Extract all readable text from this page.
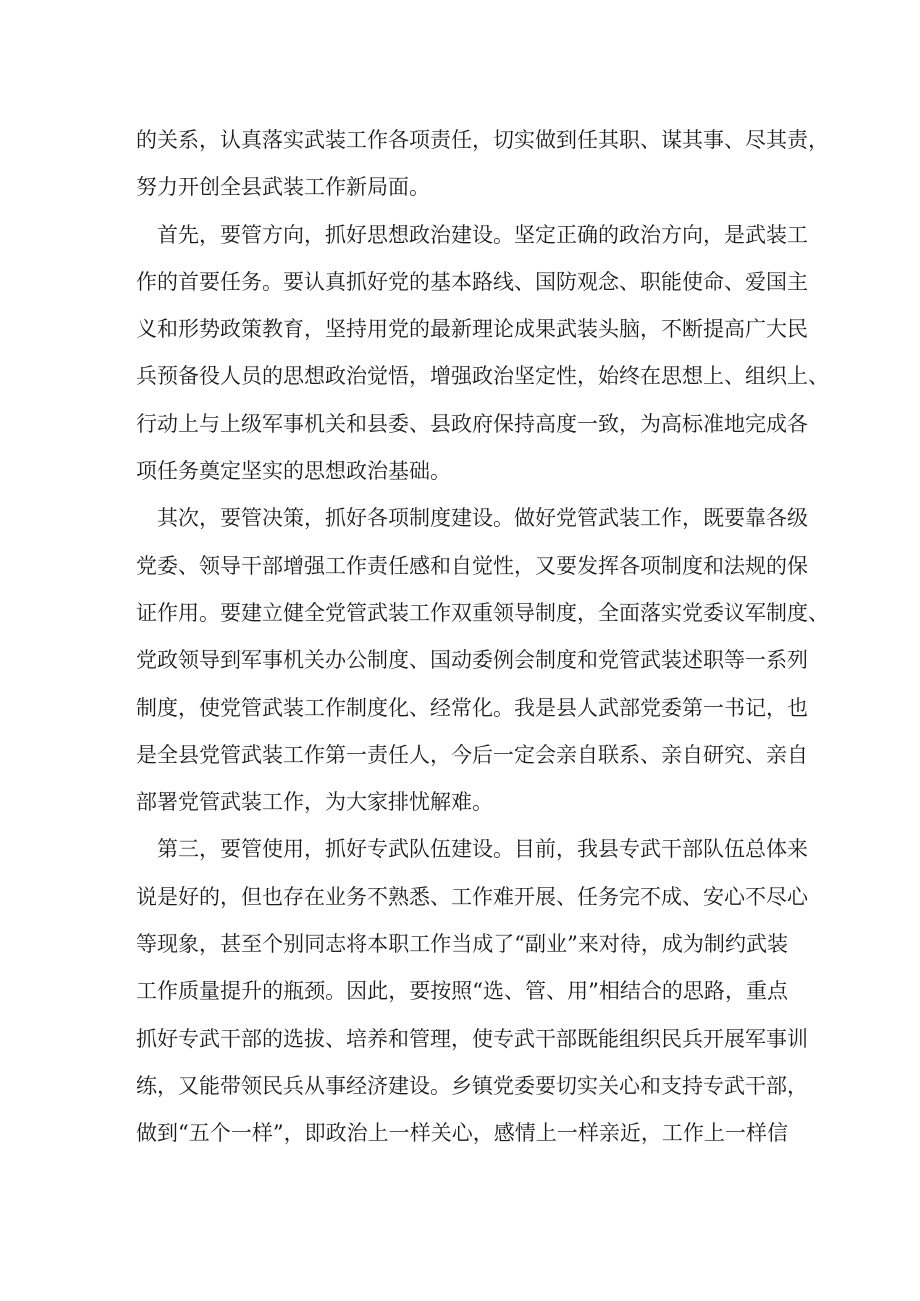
的关系，认真落实武装工作各项责任，切实做到任其职、谋其事、尽其责，
努力开创全县武装工作新局面。
首先，要管方向，抓好思想政治建设。坚定正确的政治方向，是武装工
作的首要任务。要认真抓好党的基本路线、国防观念、职能使命、爱国主
义和形势政策教育，坚持用党的最新理论成果武装头脑，不断提高广大民
兵预备役人员的思想政治觉悟，增强政治坚定性，始终在思想上、组织上、
行动上与上级军事机关和县委、县政府保持高度一致，为高标准地完成各
项任务奠定坚实的思想政治基础。
其次，要管决策，抓好各项制度建设。做好党管武装工作，既要靠各级
党委、领导干部增强工作责任感和自觉性，又要发挥各项制度和法规的保
证作用。要建立健全党管武装工作双重领导制度，全面落实党委议军制度、
党政领导到军事机关办公制度、国动委例会制度和党管武装述职等一系列
制度，使党管武装工作制度化、经常化。我是县人武部党委第一书记，也
是全县党管武装工作第一责任人，今后一定会亲自联系、亲自研究、亲自
部署党管武装工作，为大家排忧解难。
第三，要管使用，抓好专武队伍建设。目前，我县专武干部队伍总体来
说是好的，但也存在业务不熟悉、工作难开展、任务完不成、安心不尽心
等现象，甚至个别同志将本职工作当成了“副业”来对待，成为制约武装
工作质量提升的瓶颈。因此，要按照“选、管、用”相结合的思路，重点
抓好专武干部的选拔、培养和管理，使专武干部既能组织民兵开展军事训
练，又能带领民兵从事经济建设。乡镇党委要切实关心和支持专武干部，
做到“五个一样”，即政治上一样关心，感情上一样亲近，工作上一样信
